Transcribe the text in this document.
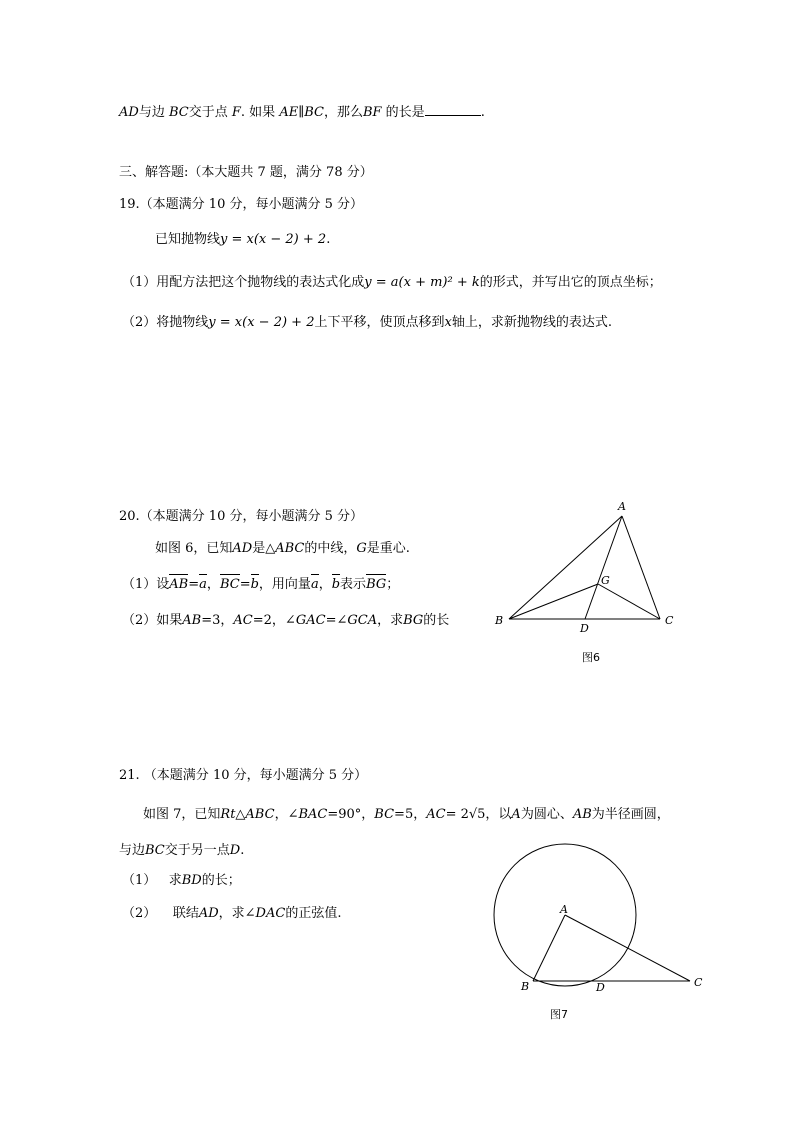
AD与边 BC交于点 F. 如果 AE∥BC，那么BF 的长是	.
三、解答题:（本大题共 7 题，满分 78 分）
19.（本题满分 10 分，每小题满分 5 分）
已知抛物线y = x(x − 2) + 2.
（1）用配方法把这个抛物线的表达式化成y = a(x + m)² + k的形式，并写出它的顶点坐标；
（2）将抛物线y = x(x − 2) + 2上下平移，使顶点移到x轴上，求新抛物线的表达式.
20.（本题满分 10 分，每小题满分 5 分）
如图 6，已知AD是△ABC的中线，G是重心.
（1）设AB=a，BC=b，用向量a，b表示BG；
（2）如果AB=3，AC=2，∠GAC=∠GCA，求BG的长
A
B	C
D
G
图6
21. （本题满分 10 分，每小题满分 5 分）
如图 7，已知Rt△ABC，∠BAC=90°，BC=5，AC= 2√5，以A为圆心、AB为半径画圆，
与边BC交于另一点D.
（1） 求BD的长；
（2） 联结AD，求∠DAC的正弦值.	A
B	C
D
图7
